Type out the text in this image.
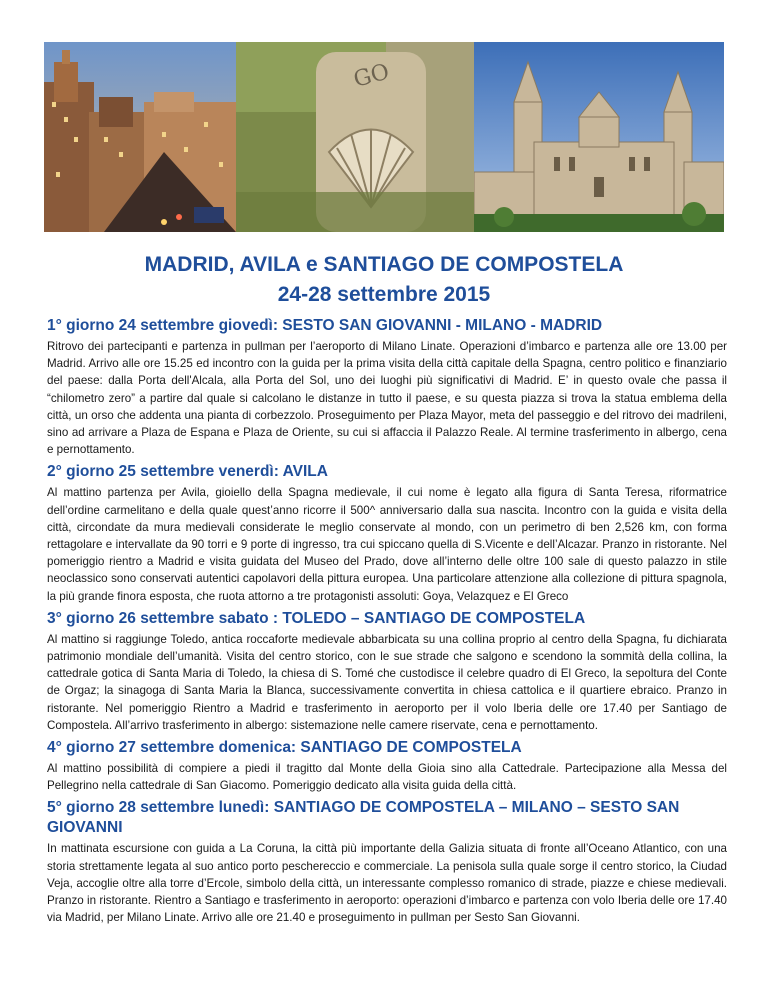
GO
MADRID, AVILA e SANTIAGO DE COMPOSTELA
24-28 settembre 2015
1° giorno 24 settembre giovedì: SESTO SAN GIOVANNI - MILANO - MADRID

Ritrovo dei partecipanti e partenza in pullman per l’aeroporto di Milano Linate. Operazioni d’imbarco e partenza alle ore 13.00 per Madrid. Arrivo alle ore 15.25 ed incontro con la guida per la prima visita della città capitale della Spagna, centro politico e finanziario del paese: dalla Porta dell'Alcala, alla Porta del Sol, uno dei luoghi più significativi di Madrid. E’ in questo ovale che passa il “chilometro zero” a partire dal quale si calcolano le distanze in tutto il paese, e su questa piazza si trova la statua emblema della città, un orso che addenta una pianta di corbezzolo. Proseguimento per Plaza Mayor, meta del passeggio e del ritrovo dei madrileni, sino ad arrivare a Plaza de Espana e Plaza de Oriente, su cui si affaccia il Palazzo Reale. Al termine trasferimento in albergo, cena e pernottamento.

2° giorno 25 settembre venerdì: AVILA

Al mattino partenza per Avila, gioiello della Spagna medievale, il cui nome è legato alla figura di Santa Teresa, riformatrice dell’ordine carmelitano e della quale quest’anno ricorre il 500^ anniversario dalla sua nascita. Incontro con la guida e visita della città, circondate da mura medievali considerate le meglio conservate al mondo, con un perimetro di ben 2,526 km, con forma rettagolare e intervallate da 90 torri e 9 porte di ingresso, tra cui spiccano quella di S.Vicente e dell’Alcazar. Pranzo in ristorante. Nel pomeriggio rientro a Madrid e visita guidata del Museo del Prado, dove all’interno delle oltre 100 sale di questo palazzo in stile neoclassico sono conservati autentici capolavori della pittura europea. Una particolare attenzione alla collezione di pittura spagnola, la più grande finora esposta, che ruota attorno a tre protagonisti assoluti: Goya, Velazquez e El Greco

3° giorno 26 settembre sabato : TOLEDO – SANTIAGO DE COMPOSTELA

Al mattino si raggiunge Toledo, antica roccaforte medievale abbarbicata su una collina proprio al centro della Spagna, fu dichiarata patrimonio mondiale dell’umanità. Visita del centro storico, con le sue strade che salgono e scendono la sommità della collina, la cattedrale gotica di Santa Maria di Toledo, la chiesa di S. Tomé che custodisce il celebre quadro di El Greco, la sepoltura del Conte de Orgaz; la sinagoga di Santa Maria la Blanca, successivamente convertita in chiesa cattolica e il quartiere ebraico. Pranzo in ristorante. Nel pomeriggio Rientro a Madrid e trasferimento in aeroporto per il volo Iberia delle ore 17.40 per Santiago de Compostela. All’arrivo trasferimento in albergo: sistemazione nelle camere riservate, cena e pernottamento.

4° giorno 27 settembre domenica: SANTIAGO DE COMPOSTELA

Al mattino possibilità di compiere a piedi il tragitto dal Monte della Gioia sino alla Cattedrale. Partecipazione alla Messa del Pellegrino nella cattedrale di San Giacomo. Pomeriggio dedicato alla visita guida della città.

5° giorno 28 settembre lunedì: SANTIAGO DE COMPOSTELA – MILANO – SESTO SAN GIOVANNI

In mattinata escursione con guida a La Coruna, la città più importante della Galizia situata di fronte all’Oceano Atlantico, con una storia strettamente legata al suo antico porto peschereccio e commerciale. La penisola sulla quale sorge il centro storico, la Ciudad Veja, accoglie oltre alla torre d’Ercole, simbolo della città, un interessante complesso romanico di strade, piazze e chiese medievali. Pranzo in ristorante. Rientro a Santiago e trasferimento in aeroporto: operazioni d’imbarco e partenza con volo Iberia delle ore 17.40 via Madrid, per Milano Linate. Arrivo alle ore 21.40 e proseguimento in pullman per Sesto San Giovanni.
